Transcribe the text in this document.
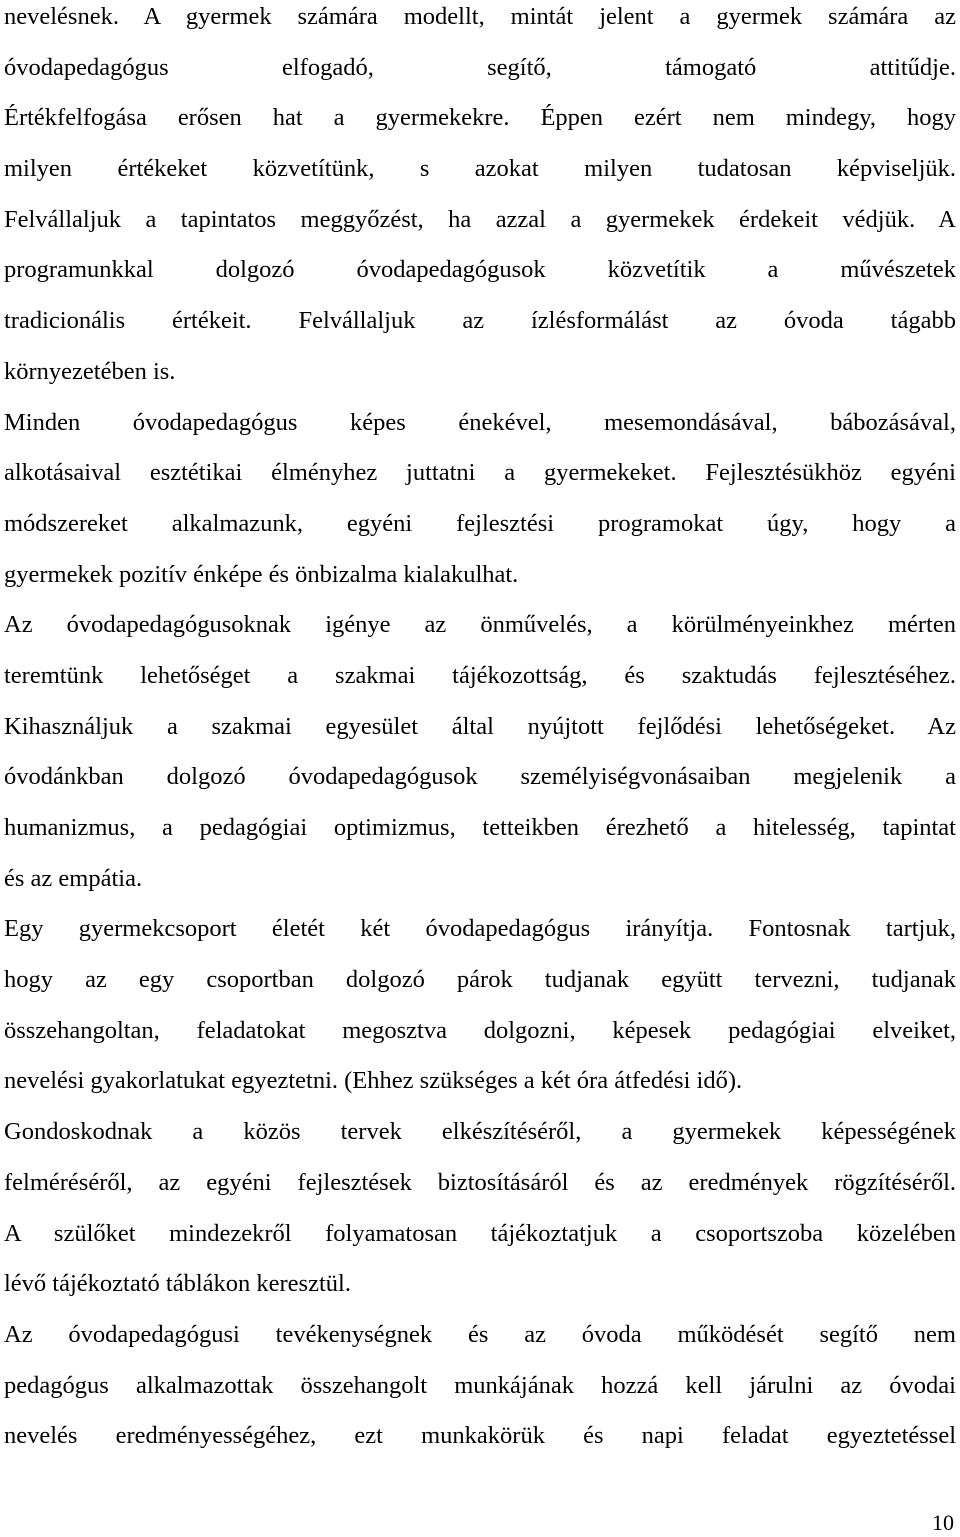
nevelésnek. A gyermek számára modellt, mintát jelent a gyermek számára az
óvodapedagógus elfogadó, segítő, támogató attitűdje.
Értékfelfogása erősen hat a gyermekekre. Éppen ezért nem mindegy, hogy
milyen értékeket közvetítünk, s azokat milyen tudatosan képviseljük.
Felvállaljuk a tapintatos meggyőzést, ha azzal a gyermekek érdekeit védjük. A
programunkkal dolgozó óvodapedagógusok közvetítik a művészetek
tradicionális értékeit. Felvállaljuk az ízlésformálást az óvoda tágabb
környezetében is.
Minden óvodapedagógus képes énekével, mesemondásával, bábozásával,
alkotásaival esztétikai élményhez juttatni a gyermekeket. Fejlesztésükhöz egyéni
módszereket alkalmazunk, egyéni fejlesztési programokat úgy, hogy a
gyermekek pozitív énképe és önbizalma kialakulhat.
Az óvodapedagógusoknak igénye az önművelés, a körülményeinkhez mérten
teremtünk lehetőséget a szakmai tájékozottság, és szaktudás fejlesztéséhez.
Kihasználjuk a szakmai egyesület által nyújtott fejlődési lehetőségeket. Az
óvodánkban dolgozó óvodapedagógusok személyiségvonásaiban megjelenik a
humanizmus, a pedagógiai optimizmus, tetteikben érezhető a hitelesség, tapintat
és az empátia.
Egy gyermekcsoport életét két óvodapedagógus irányítja. Fontosnak tartjuk,
hogy az egy csoportban dolgozó párok tudjanak együtt tervezni, tudjanak
összehangoltan, feladatokat megosztva dolgozni, képesek pedagógiai elveiket,
nevelési gyakorlatukat egyeztetni. (Ehhez szükséges a két óra átfedési idő).
Gondoskodnak a közös tervek elkészítéséről, a gyermekek képességének
felméréséről, az egyéni fejlesztések biztosításáról és az eredmények rögzítéséről.
A szülőket mindezekről folyamatosan tájékoztatjuk a csoportszoba közelében
lévő tájékoztató táblákon keresztül.
Az óvodapedagógusi tevékenységnek és az óvoda működését segítő nem
pedagógus alkalmazottak összehangolt munkájának hozzá kell járulni az óvodai
nevelés eredményességéhez, ezt munkakörük és napi feladat egyeztetéssel
10
